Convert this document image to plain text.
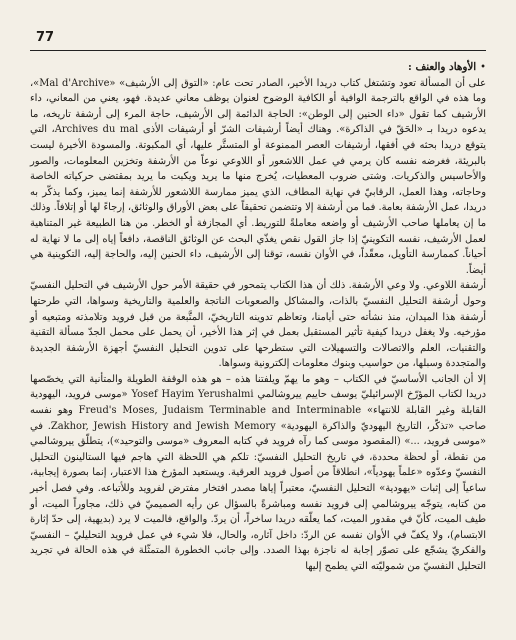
77

•الأوهاد والعنف :

على أن المسألة تعود وتشتغل كتاب دريدا الأخير، الصادر تحت عام: «التوق إلى الأرشيف» «Mal d'Archive»، وما هذه في الواقع بالترجمة الوافية أو الكافية الوضوح لعنوان يوظف معاني عديدة. فهو، يعني من المعاني، داء الأرشيف كما تقول «داء الحنين إلى الوطن»: الحاجة الدائمة إلى الأرشيف، حاجة المرء إلى أرشفة تاريخه، ما يدعوه دريدا بـ «الحَقّ في الذاكرة». وهناك أيضاً أرشيفات الشرّ أو أرشيفات الأذى Archives du mal، التي يتوقع دريدا بحثه في أفقها، أرشيفات العصر الممنوعة أو المتستَّر عليها، أي المكبوتة. والمسودة الأخيرة ليست بالبريئة، فغرضه نفسه كان يرمي في عمل اللاشعور أو اللاوعي نوعاً من الأرشفة وتخزين المعلومات، والصور والأحاسيس والذكريات. وشتى ضروب المعطيات، يُخرج منها ما يريد ويكبت ما يريد بمقتضى حركياته الخاصة وحاجاته، وهذا العمل، الرقابيّ في نهاية المطاف، الذي يميز ممارسة اللاشعور للأرشفة إنما يميز، وكما يذكّر به دريدا، عمل الأرشفة بعامة. فما من أرشفة إلا وتتضمن تحقيقاً على بعض الأوراق والوثائق، إرجاءً لها أو إتلافاً. وذلك ما إن يعاملها صاحب الأرشيف أو واضعه معاملةً للتوريط. أي المجازفة أو الخطر. من هنا الطبيعة غير المتناهية لعمل الأرشيف، نفسه التكوينيّ إذا جاز القول نقص يغذّي البحث عن الوثائق الناقصة، دافعاً إياه إلى ما لا نهاية له أحياناً. كممارسة التأويل، معقّداً، في الأوان نفسه، توقنا إلى الأرشيف، داء الحنين إليه، والحاجة إليه، التكوينية هي أيضاً.

أرشفة اللاوعي. ولا وعي الأرشفة. ذلك أن هذا الكتاب يتمحور في حقيقة الأمر حول الأرشيف في التحليل النفسيّ وحول أرشفة التحليل النفسيّ بالذات، والمشاكل والصعوبات الناتجة والعلمية والتاريخية وسواها، التي طرحتها أرشفة هذا الميدان، منذ نشأته حتى أيامنا، وتعاظم تدوينه التاريخيّ، المتَّبعة من قبل فرويد وتلامذته ومتبعيه أو مؤرخيه. ولا يغفل دريدا كيفية تأثير المستقبل بعمل في إثر هذا الأخير، أن يحمل على محمل الجدّ مسألة التقنية والتقنيات، العلم والاتصالات والتسهيلات التي ستطرحها على تدوين التحليل النفسيّ أجهزة الأرشفة الجديدة والمتجددة وسبلها، من حواسيب وبنوك معلومات إلكترونية وسواها.

إلا أن الجانب الأساسيّ في الكتاب – وهو ما يهمّ ويلفتنا هذه – هو هذه الوقفة الطويلة والمتأنية التي يخصّصها دريدا لكتاب المؤرّخ الإسرائيليّ يوسف حاييم ييروشالمي Yosef Hayim Yerushalmi «موسى فرويد، اليهودية القابلة وغير القابلة للانتهاء» Freud's Moses, Judaism Terminable and Interminable وهو نفسه صاحب «تذكّر، التاريخ اليهوديّ والذاكرة اليهودية» Zakhor, Jewish History and Jewish Memory. في «موسى فرويد، ...» (المقصود موسى كما رآه فرويد في كتابه المعروف «موسى والتوحيد»)، يتطلّق ييروشالمي من نقطة، أو لحظة محددة، في تاريخ التحليل النفسيّ: تلكم هي اللحظة التي هاجم فيها الستالينون التحليل النفسيّ وعدّوه «علماً يهودياً»، انطلاقاً من أصول فرويد العرقية. ويستعيد المؤرخ هذا الاعتبار، إنما بصورة إيجابية، ساعياً إلى إثبات «يهودية» التحليل النفسيّ، معتبراً إياها مصدر افتخار مفترض لفرويد وللأتباعه. وفي فصل أخير من كتابه، يتوجّه ييروشالمي إلى فرويد نفسه ومباشرةً بالسؤال عن رأيه الصميميّ في ذلك، مجاوراً الميت، أو طيف الميت، كأنّ في مقدور الميت، كما يعلّقه دريدا ساخراً، أن يردّ. والواقع، فالميت لا يرد (بديهية، إلى حدّ إثارة الابتسام)، ولا يكفّ في الأوان نفسه عن الردّ: داخل آثاره، والحال، فلا شيء في عمل فرويد التحليليّ – النفسيّ والفكريّ يشجّع على تصوّر إجابة له ناجزة بهذا الصدد. وإلى جانب الخطورة المتمثّلة في هذه الحالة في تجريد التحليل النفسيّ من شموليّته التي يطمح إليها
